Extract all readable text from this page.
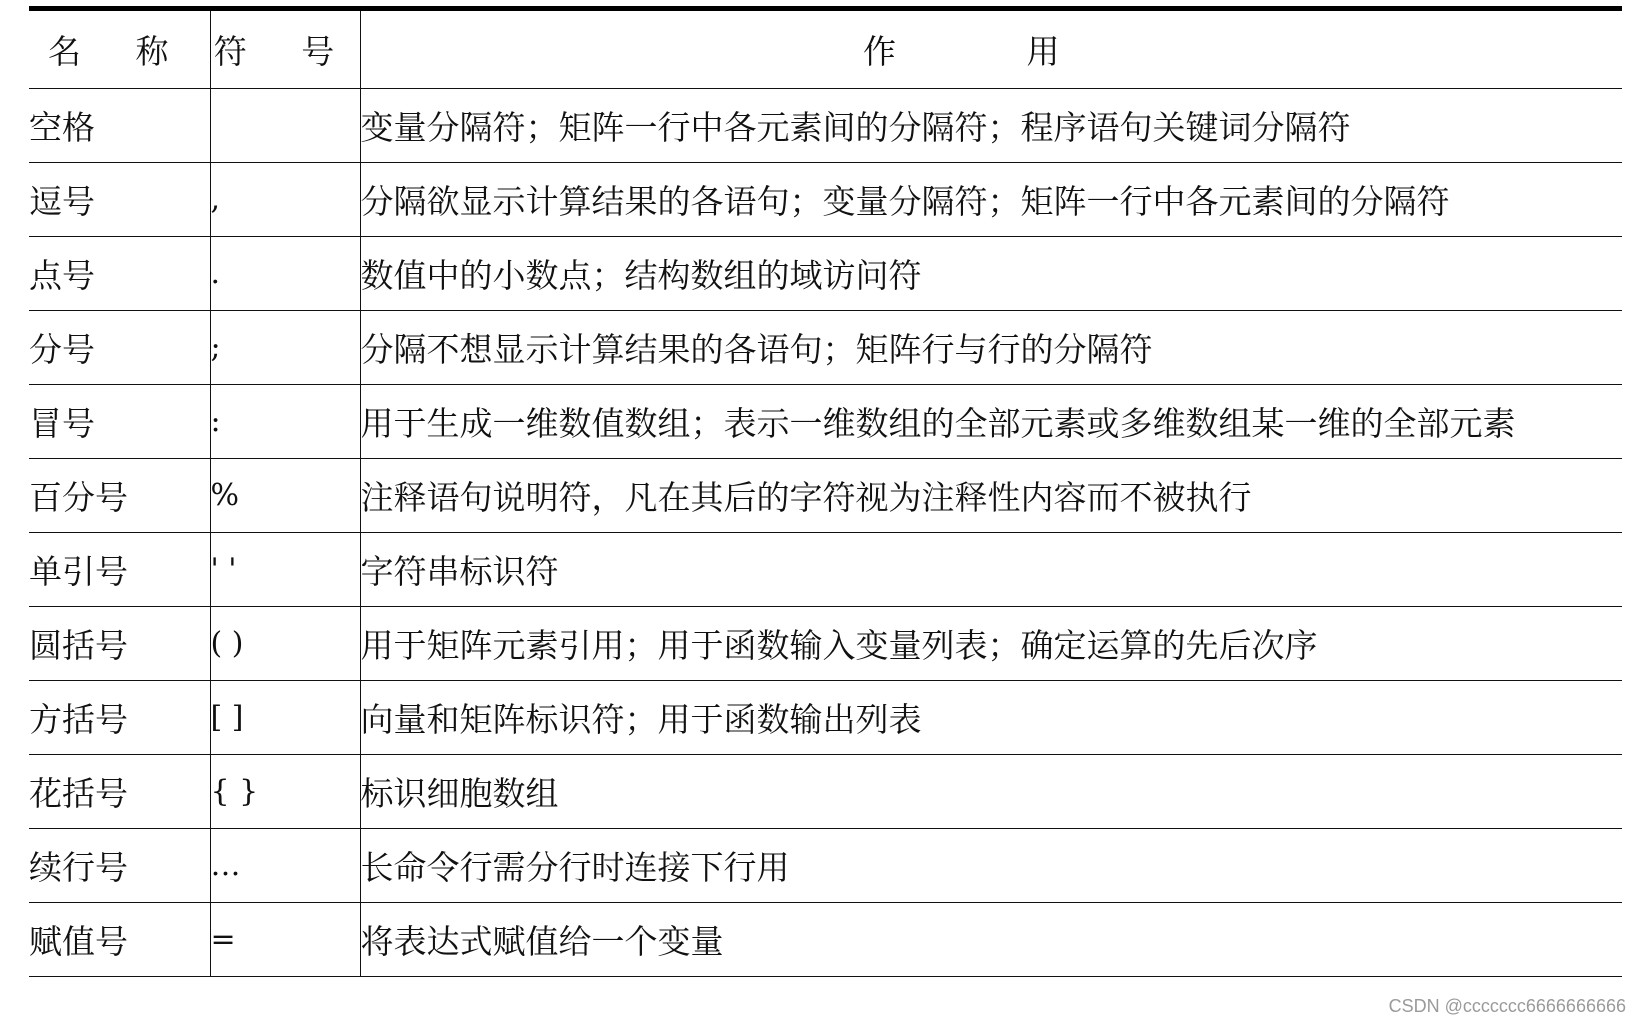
名 称	符 号	作 用
空格		变量分隔符；矩阵一行中各元素间的分隔符；程序语句关键词分隔符
逗号	,	分隔欲显示计算结果的各语句；变量分隔符；矩阵一行中各元素间的分隔符
点号	.	数值中的小数点；结构数组的域访问符
分号	;	分隔不想显示计算结果的各语句；矩阵行与行的分隔符
冒号	:	用于生成一维数值数组；表示一维数组的全部元素或多维数组某一维的全部元素
百分号	%	注释语句说明符，凡在其后的字符视为注释性内容而不被执行
单引号	' '	字符串标识符
圆括号	( )	用于矩阵元素引用；用于函数输入变量列表；确定运算的先后次序
方括号	[ ]	向量和矩阵标识符；用于函数输出列表
花括号	{ }	标识细胞数组
续行号	…	长命令行需分行时连接下行用
赋值号	=	将表达式赋值给一个变量
CSDN @ccccccc6666666666
